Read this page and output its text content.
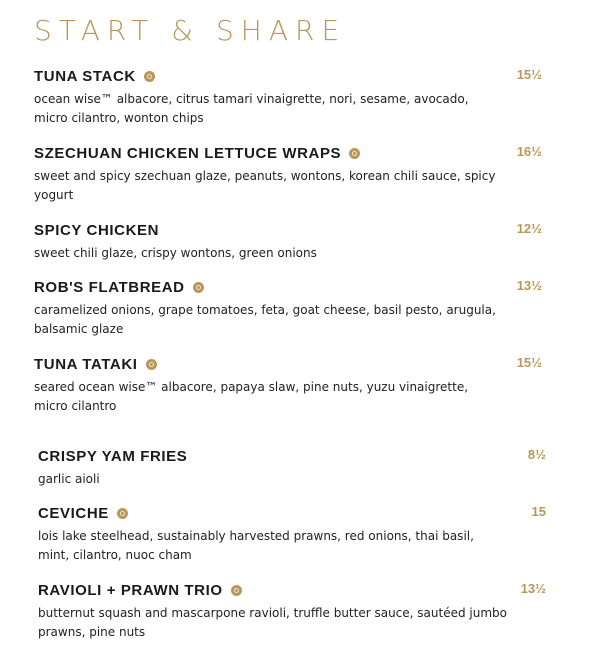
START & SHARE
TUNA STACK	15½
ocean wise™ albacore, citrus tamari vinaigrette, nori, sesame, avocado, micro cilantro, wonton chips
SZECHUAN CHICKEN LETTUCE WRAPS	16½
sweet and spicy szechuan glaze, peanuts, wontons, korean chili sauce, spicy yogurt
SPICY CHICKEN	12½
sweet chili glaze, crispy wontons, green onions
ROB'S FLATBREAD	13½
caramelized onions, grape tomatoes, feta, goat cheese, basil pesto, arugula, balsamic glaze
TUNA TATAKI	15½
seared ocean wise™ albacore, papaya slaw, pine nuts, yuzu vinaigrette, micro cilantro
CRISPY YAM FRIES	8½
garlic aioli
CEVICHE	15
lois lake steelhead, sustainably harvested prawns, red onions, thai basil, mint, cilantro, nuoc cham
RAVIOLI + PRAWN TRIO	13½
butternut squash and mascarpone ravioli, truffle butter sauce, sautéed jumbo prawns, pine nuts
